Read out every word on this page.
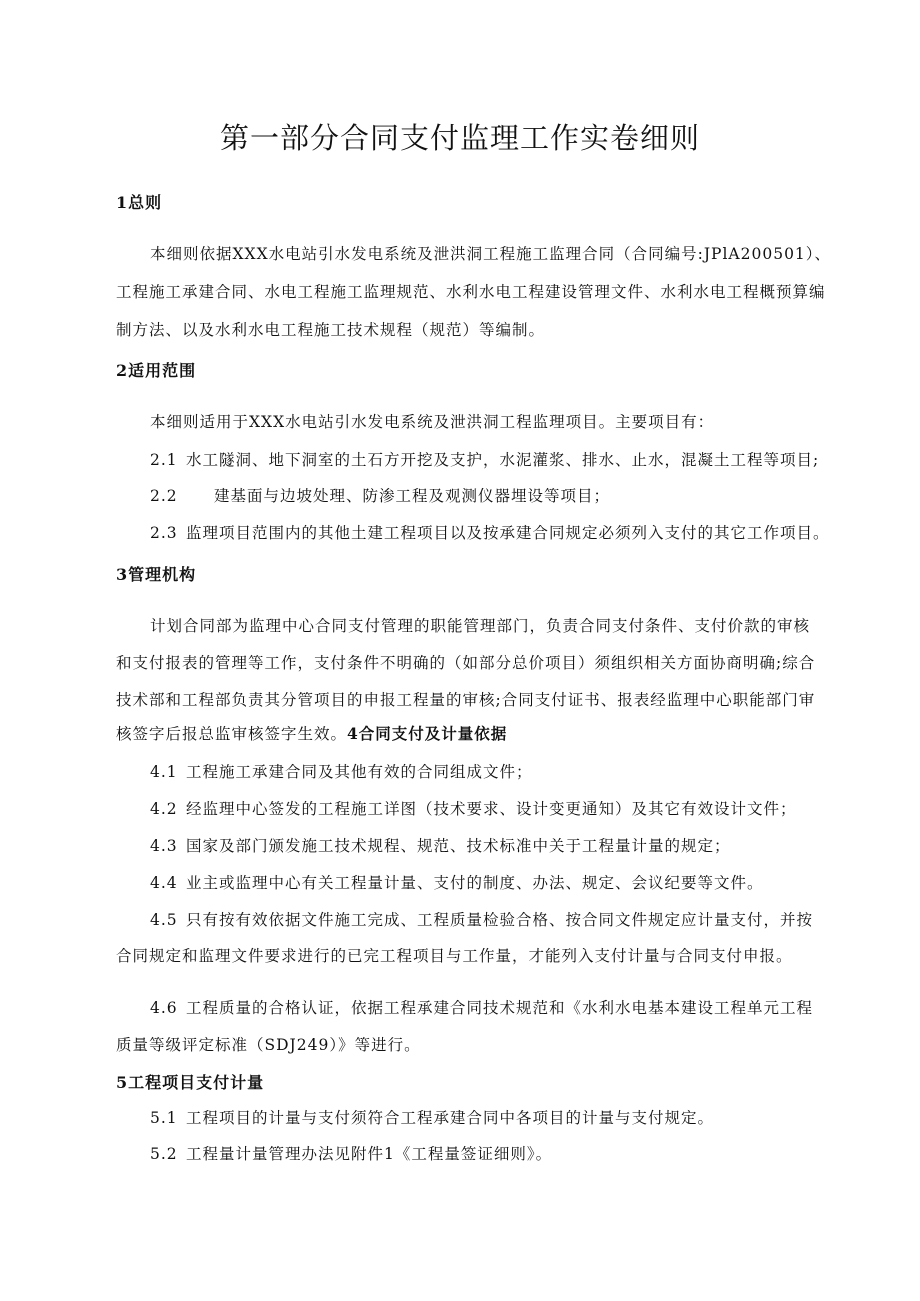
第一部分合同支付监理工作实卷细则
1总则
本细则依据XXX水电站引水发电系统及泄洪洞工程施工监理合同（合同编号:JPlA200501）、
工程施工承建合同、水电工程施工监理规范、水利水电工程建设管理文件、水利水电工程概预算编
制方法、以及水利水电工程施工技术规程（规范）等编制。
2适用范围
本细则适用于XXX水电站引水发电系统及泄洪洞工程监理项目。主要项目有：
2.1 水工隧洞、地下洞室的土石方开挖及支护，水泥灌浆、排水、止水，混凝土工程等项目;
2.2 建基面与边坡处理、防渗工程及观测仪器埋设等项目；
2.3 监理项目范围内的其他土建工程项目以及按承建合同规定必须列入支付的其它工作项目。
3管理机构
计划合同部为监理中心合同支付管理的职能管理部门，负责合同支付条件、支付价款的审核
和支付报表的管理等工作，支付条件不明确的（如部分总价项目）须组织相关方面协商明确;综合
技术部和工程部负责其分管项目的申报工程量的审核;合同支付证书、报表经监理中心职能部门审
核签字后报总监审核签字生效。4合同支付及计量依据
4.1 工程施工承建合同及其他有效的合同组成文件；
4.2 经监理中心签发的工程施工详图（技术要求、设计变更通知）及其它有效设计文件；
4.3 国家及部门颁发施工技术规程、规范、技术标准中关于工程量计量的规定；
4.4 业主或监理中心有关工程量计量、支付的制度、办法、规定、会议纪要等文件。
4.5 只有按有效依据文件施工完成、工程质量检验合格、按合同文件规定应计量支付，并按
合同规定和监理文件要求进行的已完工程项目与工作量，才能列入支付计量与合同支付申报。
4.6 工程质量的合格认证，依据工程承建合同技术规范和《水利水电基本建设工程单元工程
质量等级评定标准（SDJ249）》等进行。
5工程项目支付计量
5.1 工程项目的计量与支付须符合工程承建合同中各项目的计量与支付规定。
5.2 工程量计量管理办法见附件1《工程量签证细则》。
